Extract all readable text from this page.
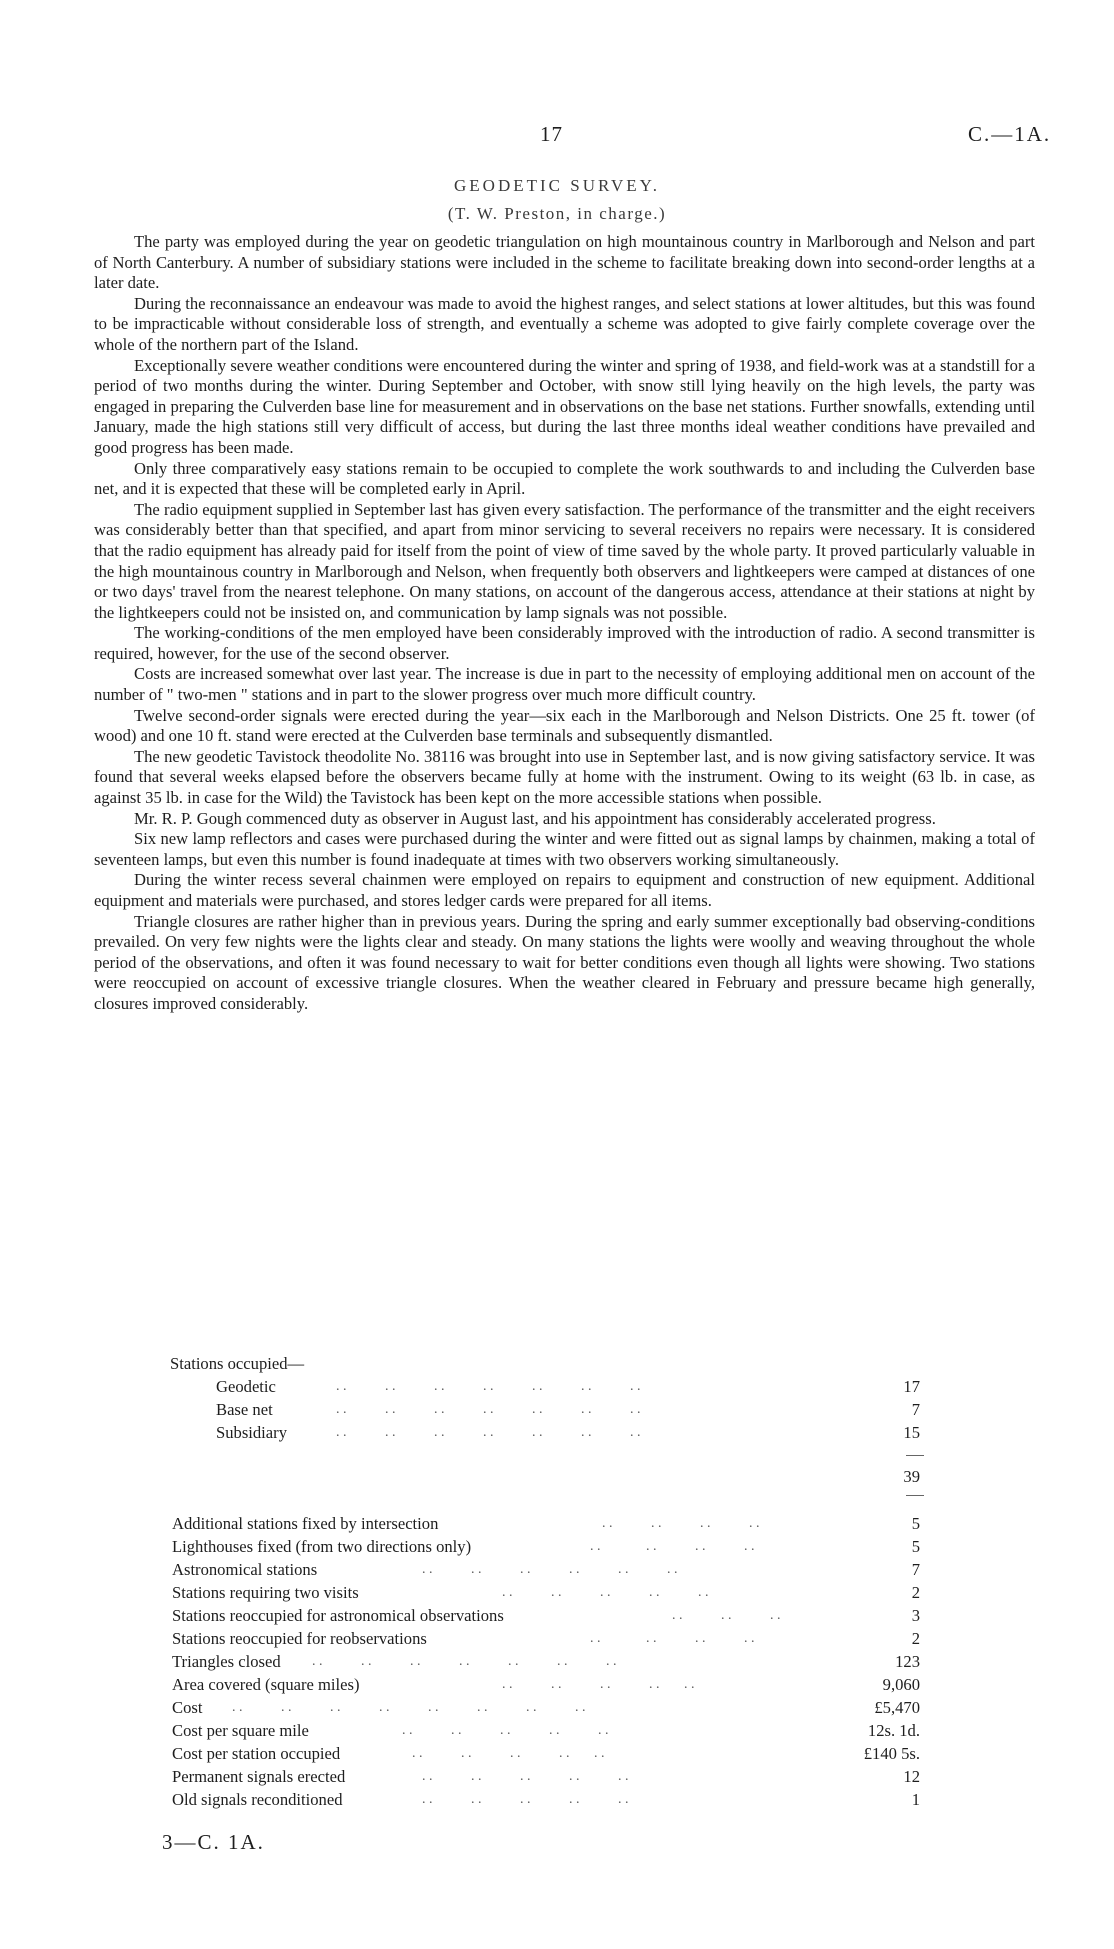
17	C.—1A.
GEODETIC SURVEY.
(T. W. Preston, in charge.)

The party was employed during the year on geodetic triangulation on high mountainous country in Marlborough and Nelson and part of North Canterbury. A number of subsidiary stations were included in the scheme to facilitate breaking down into second-order lengths at a later date.

During the reconnaissance an endeavour was made to avoid the highest ranges, and select stations at lower altitudes, but this was found to be impracticable without considerable loss of strength, and eventually a scheme was adopted to give fairly complete coverage over the whole of the northern part of the Island.

Exceptionally severe weather conditions were encountered during the winter and spring of 1938, and field-work was at a standstill for a period of two months during the winter. During September and October, with snow still lying heavily on the high levels, the party was engaged in preparing the Culverden base line for measurement and in observations on the base net stations. Further snowfalls, extending until January, made the high stations still very difficult of access, but during the last three months ideal weather conditions have prevailed and good progress has been made.

Only three comparatively easy stations remain to be occupied to complete the work southwards to and including the Culverden base net, and it is expected that these will be completed early in April.

The radio equipment supplied in September last has given every satisfaction. The performance of the transmitter and the eight receivers was considerably better than that specified, and apart from minor servicing to several receivers no repairs were necessary. It is considered that the radio equipment has already paid for itself from the point of view of time saved by the whole party. It proved particularly valuable in the high mountainous country in Marlborough and Nelson, when frequently both observers and lightkeepers were camped at distances of one or two days' travel from the nearest telephone. On many stations, on account of the dangerous access, attendance at their stations at night by the lightkeepers could not be insisted on, and communication by lamp signals was not possible.

The working-conditions of the men employed have been considerably improved with the introduction of radio. A second transmitter is required, however, for the use of the second observer.

Costs are increased somewhat over last year. The increase is due in part to the necessity of employing additional men on account of the number of " two-men " stations and in part to the slower progress over much more difficult country.

Twelve second-order signals were erected during the year—six each in the Marlborough and Nelson Districts. One 25 ft. tower (of wood) and one 10 ft. stand were erected at the Culverden base terminals and subsequently dismantled.

The new geodetic Tavistock theodolite No. 38116 was brought into use in September last, and is now giving satisfactory service. It was found that several weeks elapsed before the observers became fully at home with the instrument. Owing to its weight (63 lb. in case, as against 35 lb. in case for the Wild) the Tavistock has been kept on the more accessible stations when possible.

Mr. R. P. Gough commenced duty as observer in August last, and his appointment has considerably accelerated progress.

Six new lamp reflectors and cases were purchased during the winter and were fitted out as signal lamps by chainmen, making a total of seventeen lamps, but even this number is found inadequate at times with two observers working simultaneously.

During the winter recess several chainmen were employed on repairs to equipment and construction of new equipment. Additional equipment and materials were purchased, and stores ledger cards were prepared for all items.

Triangle closures are rather higher than in previous years. During the spring and early summer exceptionally bad observing-conditions prevailed. On very few nights were the lights clear and steady. On many stations the lights were woolly and weaving throughout the whole period of the observations, and often it was found necessary to wait for better conditions even though all lights were showing. Two stations were reoccupied on account of excessive triangle closures. When the weather cleared in February and pressure became high generally, closures improved considerably.

Stations occupied—
Geodetic	. .           . .           . .           . .           . .           . .           . .	17
Base net	. .           . .           . .           . .           . .           . .           . .	7
Subsidiary	. .           . .           . .           . .           . .           . .           . .	15
39
Additional stations fixed by intersection	. .           . .           . .           . .	5
Lighthouses fixed (from two directions only)	. .             . .           . .           . .	5
Astronomical stations	. .           . .           . .           . .           . .           . .	7
Stations requiring two visits	. .           . .           . .           . .           . .	2
Stations reoccupied for astronomical observations	. .           . .           . .	3
Stations reoccupied for reobservations	. .             . .           . .           . .	2
Triangles closed . .           . .           . .           . .           . .           . .           . .	123
Area covered (square miles)	. .           . .           . .           . .       . .	9,060
Cost . .           . .           . .           . .           . .           . .           . .           . .	£5,470
Cost per square mile	. .           . .           . .           . .           . .	12s. 1d.
Cost per station occupied	. .           . .           . .           . .       . .	£140 5s.
Permanent signals erected	. .           . .           . .           . .           . .	12
Old signals reconditioned	. .           . .           . .           . .           . .	1
3—C. 1A.
